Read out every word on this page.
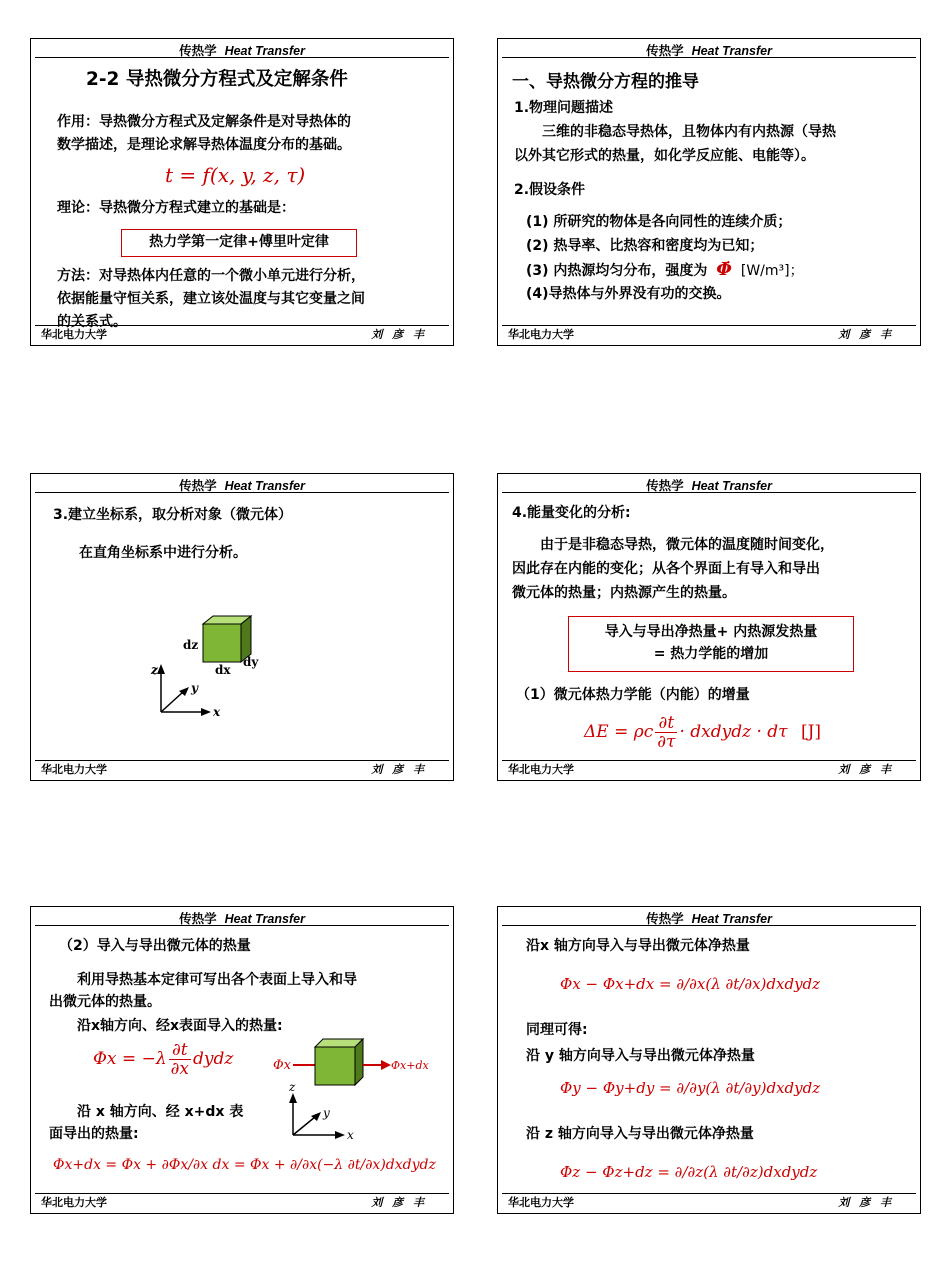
传热学 Heat Transfer
2-2 导热微分方程式及定解条件
作用：导热微分方程式及定解条件是对导热体的
数学描述，是理论求解导热体温度分布的基础。
t = f(x, y, z, τ)
理论：导热微分方程式建立的基础是：
热力学第一定律+傅里叶定律
方法：对导热体内任意的一个微小单元进行分析，
依据能量守恒关系，建立该处温度与其它变量之间
的关系式。
华北电力大学	刘 彦 丰
传热学 Heat Transfer
一、导热微分方程的推导
1.物理问题描述
三维的非稳态导热体，且物体内有内热源（导热
以外其它形式的热量，如化学反应能、电能等）。
2.假设条件
(1) 所研究的物体是各向同性的连续介质；
(2) 热导率、比热容和密度均为已知；
(3) 内热源均匀分布，强度为 Φ̇ [W/m³]；
(4)导热体与外界没有功的交换。
华北电力大学	刘 彦 丰
传热学 Heat Transfer
3.建立坐标系，取分析对象（微元体）
在直角坐标系中进行分析。
dz
dx
dy
z
y
x
华北电力大学	刘 彦 丰
传热学 Heat Transfer
4.能量变化的分析:
由于是非稳态导热，微元体的温度随时间变化，
因此存在内能的变化；从各个界面上有导入和导出
微元体的热量；内热源产生的热量。
导入与导出净热量+ 内热源发热量
= 热力学能的增加
（1）微元体热力学能（内能）的增量
ΔE = ρc $\frac{\partial t}{\partial\tau}$ · dxdydz · dτ [J]
华北电力大学	刘 彦 丰
传热学 Heat Transfer
（2）导入与导出微元体的热量
利用导热基本定律可写出各个表面上导入和导
出微元体的热量。
沿x轴方向、经x表面导入的热量:
$\Phi x = -\lambda \frac{\partial t}{\partial x}$ dydz	Φx	Φx+dx
z
y
x
沿 x 轴方向、经 x+dx 表
面导出的热量:
Φx+dx = Φx + ∂Φx/∂x dx = Φx + ∂/∂x(−λ ∂t/∂x)dxdydz
华北电力大学	刘 彦 丰
传热学 Heat Transfer
沿x 轴方向导入与导出微元体净热量
Φx − Φx+dx = ∂/∂x(λ ∂t/∂x)dxdydz
同理可得:
沿 y 轴方向导入与导出微元体净热量
Φy − Φy+dy = ∂/∂y(λ ∂t/∂y)dxdydz
沿 z 轴方向导入与导出微元体净热量
Φz − Φz+dz = ∂/∂z(λ ∂t/∂z)dxdydz
华北电力大学	刘 彦 丰
